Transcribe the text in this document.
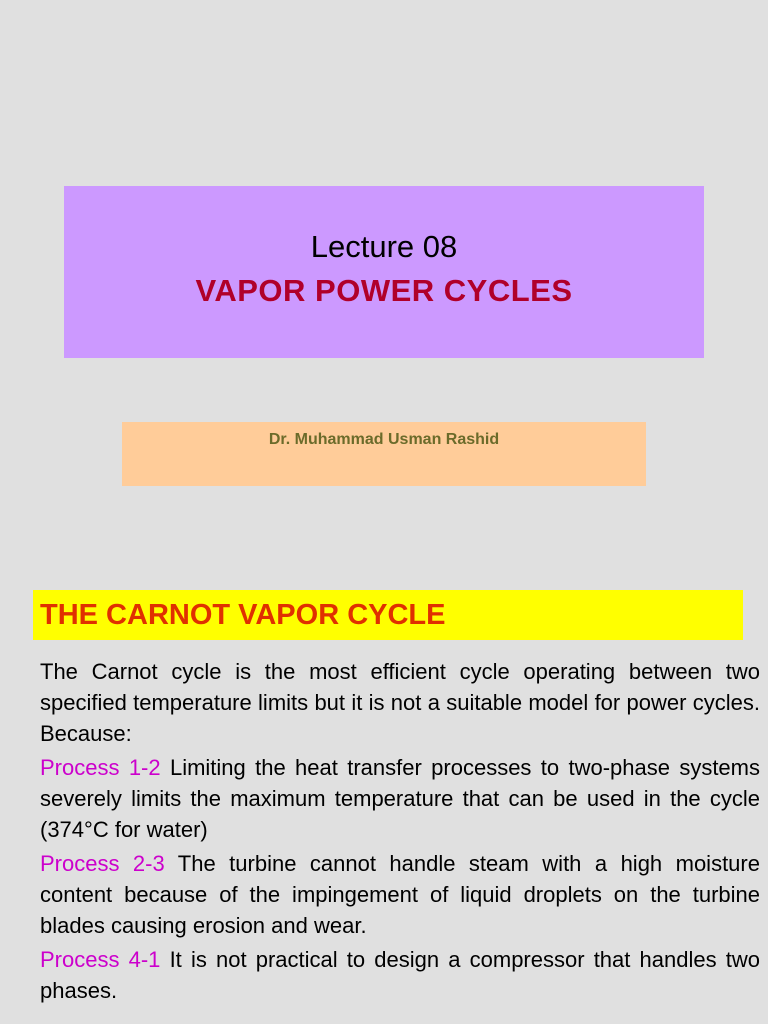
Lecture 08
VAPOR POWER CYCLES
Dr. Muhammad Usman Rashid
THE CARNOT VAPOR CYCLE

The Carnot cycle is the most efficient cycle operating between two specified temperature limits but it is not a suitable model for power cycles. Because:

Process 1-2 Limiting the heat transfer processes to two-phase systems severely limits the maximum temperature that can be used in the cycle (374°C for water)

Process 2-3 The turbine cannot handle steam with a high moisture content because of the impingement of liquid droplets on the turbine blades causing erosion and wear.

Process 4-1 It is not practical to design a compressor that handles two phases.
